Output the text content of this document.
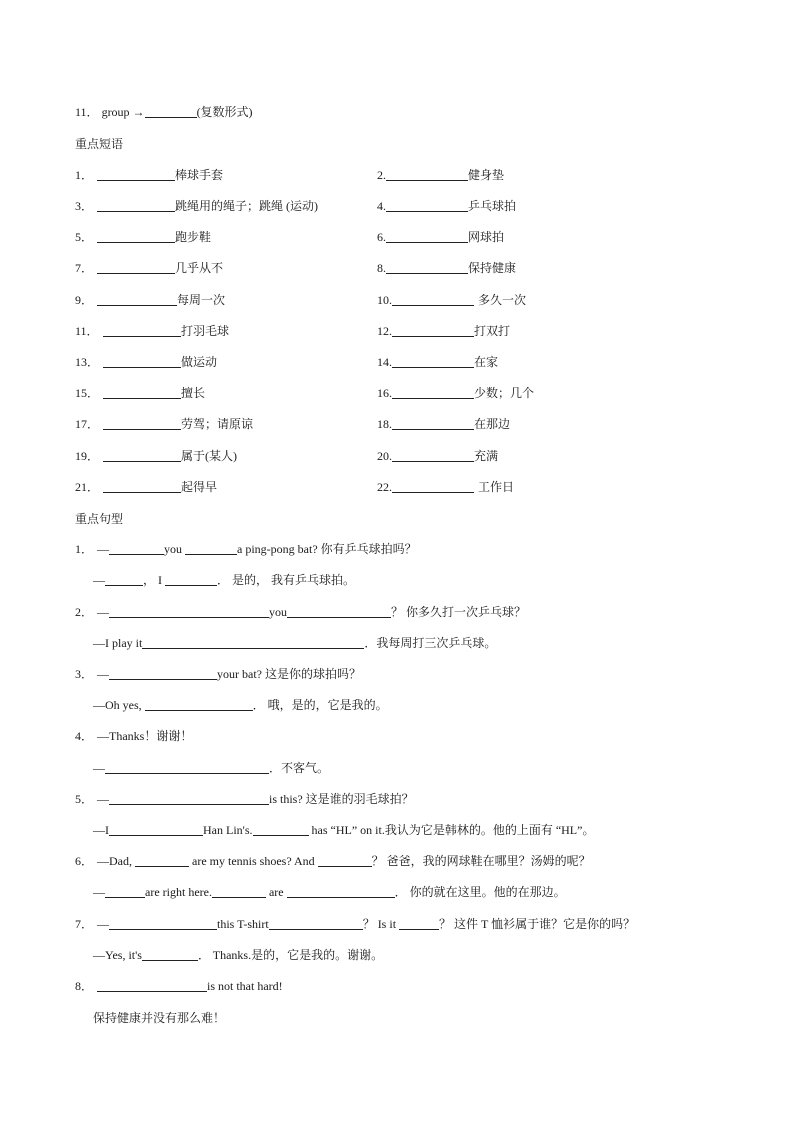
11． group →	(复数形式)
重点短语
1．	棒球手套	2.	健身垫
3．	跳绳用的绳子；跳绳 (运动)	4.	乒乓球拍
5．	跑步鞋	6.	网球拍
7．	几乎从不	8.	保持健康
9．	每周一次	10.	多久一次
11．	打羽毛球	12.	打双打
13．	做运动	14.	在家
15．	擅长	16.	少数；几个
17．	劳驾；请原谅	18.	在那边
19．	属于(某人)	20.	充满
21．	起得早	22.	工作日
重点句型
1． —	you	a ping-pong bat? 你有乒乓球拍吗？
—	， I	． 是的， 我有乒乓球拍。
2． —	you	？ 你多久打一次乒乓球？
—I play it	．我每周打三次乒乓球。
3． —	your bat? 这是你的球拍吗？
—Oh yes,	． 哦，是的，它是我的。
4． —Thanks！谢谢！
—	．不客气。
5． —	is this? 这是谁的羽毛球拍？
—I	Han Lin's.	has “HL” on it.我认为它是韩林的。他的上面有 “HL”。
6． —Dad,	are my tennis shoes? And	？ 爸爸，我的网球鞋在哪里？汤姆的呢？
—	are right here.	are	． 你的就在这里。他的在那边。
7． —	this T-shirt	？ Is it	？ 这件 T 恤衫属于谁？它是你的吗？
—Yes, it's	． Thanks.是的，它是我的。谢谢。
8．	is not that hard!
保持健康并没有那么难！
